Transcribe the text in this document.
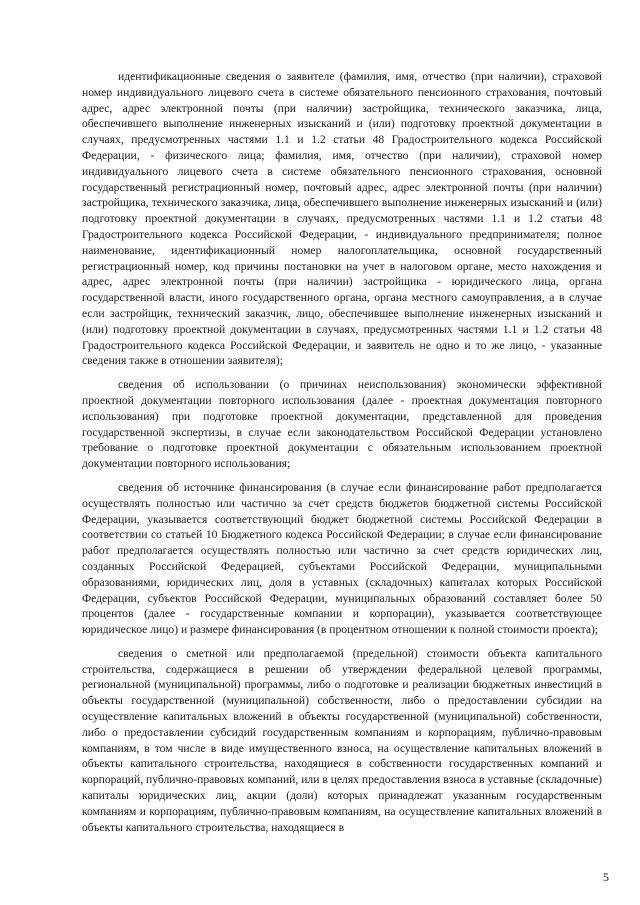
идентификационные сведения о заявителе (фамилия, имя, отчество (при наличии), страховой номер индивидуального лицевого счета в системе обязательного пенсионного страхования, почтовый адрес, адрес электронной почты (при наличии) застройщика, технического заказчика, лица, обеспечившего выполнение инженерных изысканий и (или) подготовку проектной документации в случаях, предусмотренных частями 1.1 и 1.2 статьи 48 Градостроительного кодекса Российской Федерации, - физического лица; фамилия, имя, отчество (при наличии), страховой номер индивидуального лицевого счета в системе обязательного пенсионного страхования, основной государственный регистрационный номер, почтовый адрес, адрес электронной почты (при наличии) застройщика, технического заказчика, лица, обеспечившего выполнение инженерных изысканий и (или) подготовку проектной документации в случаях, предусмотренных частями 1.1 и 1.2 статьи 48 Градостроительного кодекса Российской Федерации, - индивидуального предпринимателя; полное наименование, идентификационный номер налогоплательщика, основной государственный регистрационный номер, код причины постановки на учет в налоговом органе, место нахождения и адрес, адрес электронной почты (при наличии) застройщика - юридического лица, органа государственной власти, иного государственного органа, органа местного самоуправления, а в случае если застройщик, технический заказчик, лицо, обеспечившее выполнение инженерных изысканий и (или) подготовку проектной документации в случаях, предусмотренных частями 1.1 и 1.2 статьи 48 Градостроительного кодекса Российской Федерации, и заявитель не одно и то же лицо, - указанные сведения также в отношении заявителя);

сведения об использовании (о причинах неиспользования) экономически эффективной проектной документации повторного использования (далее - проектная документация повторного использования) при подготовке проектной документации, представленной для проведения государственной экспертизы, в случае если законодательством Российской Федерации установлено требование о подготовке проектной документации с обязательным использованием проектной документации повторного использования;

сведения об источнике финансирования (в случае если финансирование работ предполагается осуществлять полностью или частично за счет средств бюджетов бюджетной системы Российской Федерации, указывается соответствующий бюджет бюджетной системы Российской Федерации в соответствии со статьей 10 Бюджетного кодекса Российской Федерации; в случае если финансирование работ предполагается осуществлять полностью или частично за счет средств юридических лиц, созданных Российской Федерацией, субъектами Российской Федерации, муниципальными образованиями, юридических лиц, доля в уставных (складочных) капиталах которых Российской Федерации, субъектов Российской Федерации, муниципальных образований составляет более 50 процентов (далее - государственные компании и корпорации), указывается соответствующее юридическое лицо) и размере финансирования (в процентном отношении к полной стоимости проекта);

сведения о сметной или предполагаемой (предельной) стоимости объекта капитального строительства, содержащиеся в решении об утверждении федеральной целевой программы, региональной (муниципальной) программы, либо о подготовке и реализации бюджетных инвестиций в объекты государственной (муниципальной) собственности, либо о предоставлении субсидии на осуществление капитальных вложений в объекты государственной (муниципальной) собственности, либо о предоставлении субсидий государственным компаниям и корпорациям, публично-правовым компаниям, в том числе в виде имущественного взноса, на осуществление капитальных вложений в объекты капитального строительства, находящиеся в собственности государственных компаний и корпораций, публично-правовых компаний, или в целях предоставления взноса в уставные (складочные) капиталы юридических лиц, акции (доли) которых принадлежат указанным государственным компаниям и корпорациям, публично-правовым компаниям, на осуществление капитальных вложений в объекты капитального строительства, находящиеся в

5
